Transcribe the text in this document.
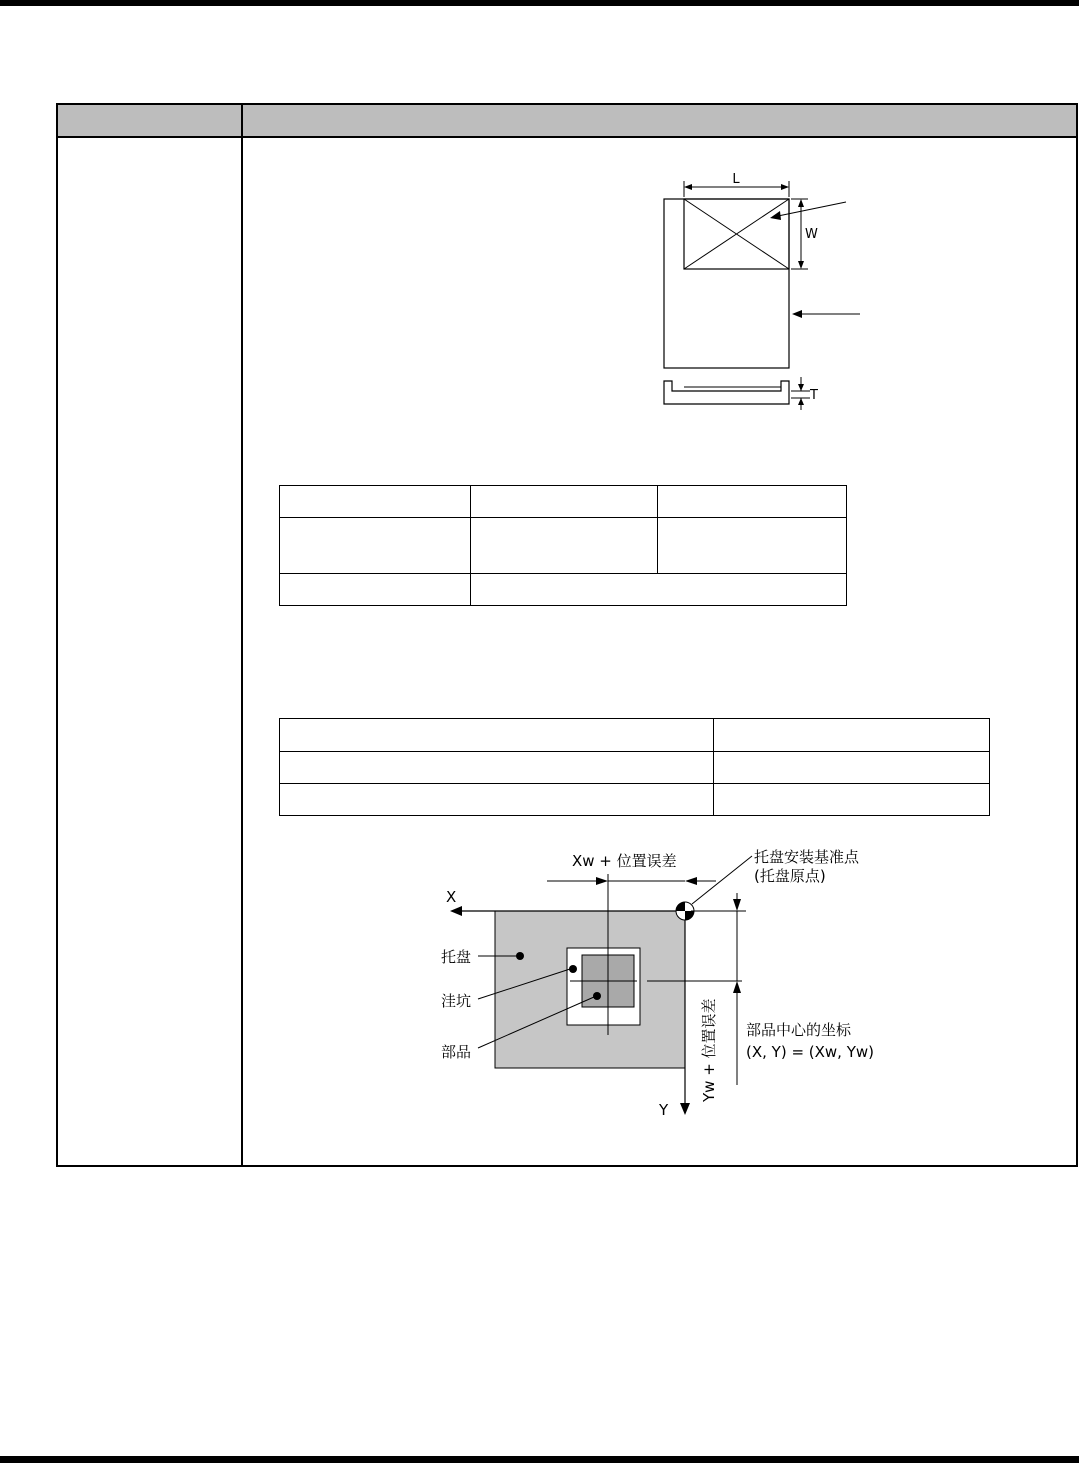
L
W
T

X
Y
Xw + 位置误差
Yw + 位置误差
托盘安装基准点
(托盘原点)
托盘
洼坑
部品
部品中心的坐标
(X, Y) = (Xw, Yw)
